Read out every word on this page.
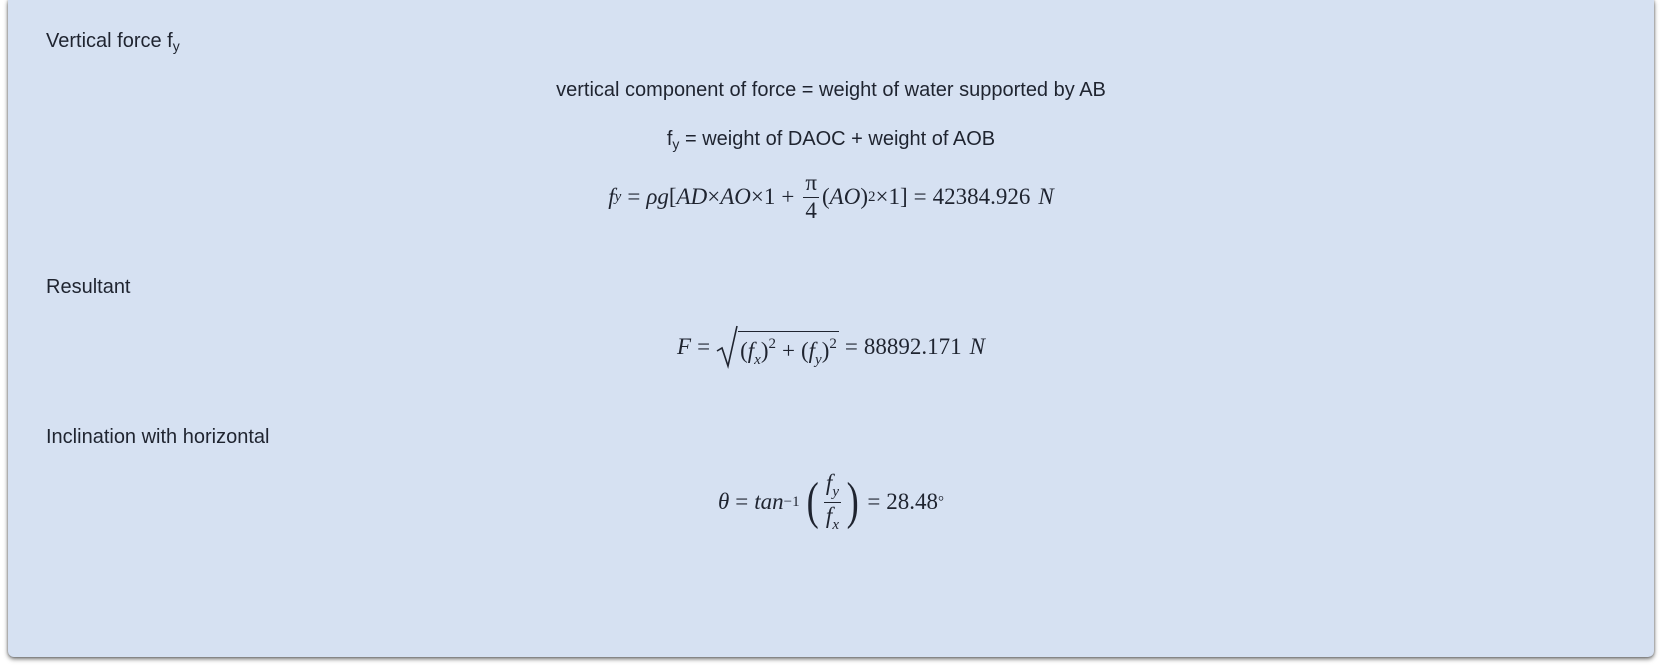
Vertical force $f_y$
vertical component of force = weight of water supported by AB
$f_y$ = weight of DAOC + weight of AOB
f y = ρg [ AD × AO $\times 1 + \frac{\pi}{4}$ ( AO ) 2 ×1] = 42384.926 N
Resultant
$F = (f_x)^2 + (f_y)^2 = 88892.171$ N
Inclination with horizontal
θ = tan −1 ( $\frac{f_y}{f_x}$ ) = 28.48 °
